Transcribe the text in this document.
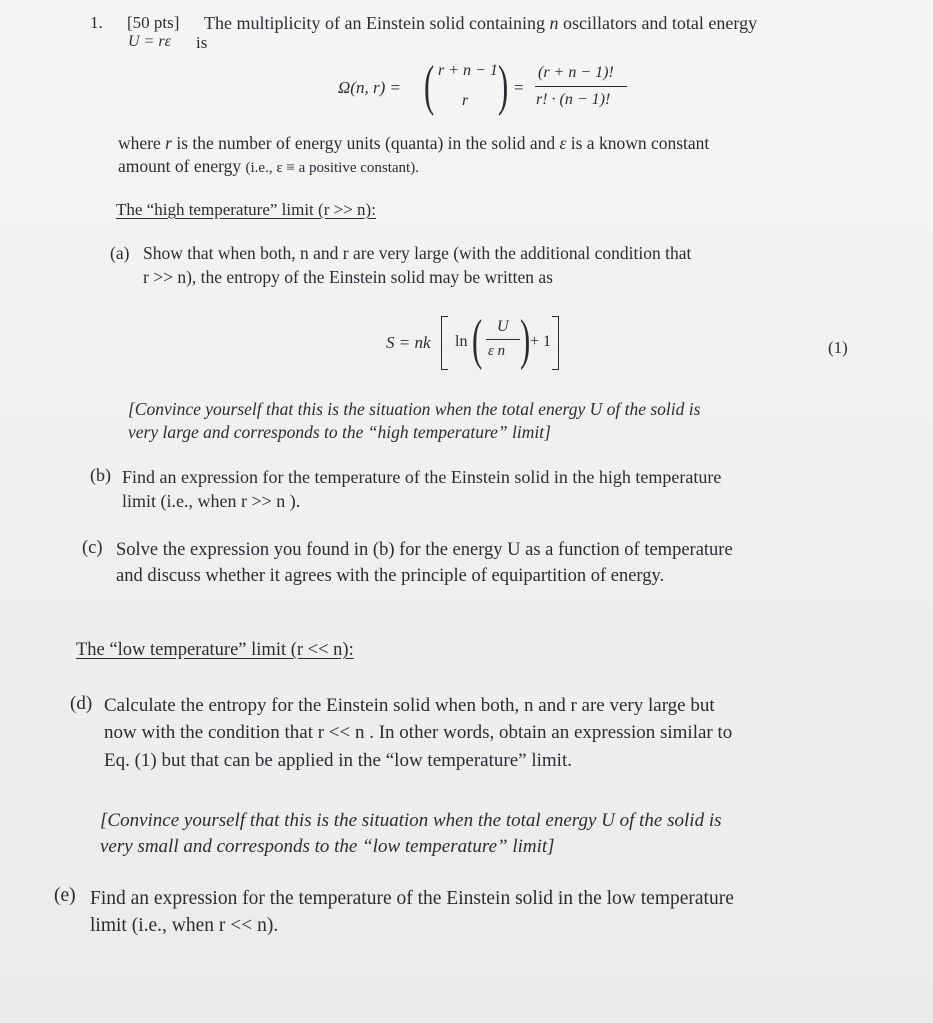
1. [50 pts] The multiplicity of an Einstein solid containing n oscillators and total energy
U = rε is
Ω(n, r) = ( r + n − 1
r ) =
(r + n − 1)!
r! · (n − 1)!
where r is the number of energy units (quanta) in the solid and ε is a known constant
amount of energy (i.e., ε ≡ a positive constant).
The “high temperature” limit (r >> n):
(a) Show that when both, n and r are very large (with the additional condition that
r >> n), the entropy of the Einstein solid may be written as
S = nk ln ( U
ε n ) + 1	(1)
[Convince yourself that this is the situation when the total energy U of the solid is
very large and corresponds to the “high temperature” limit]
(b) Find an expression for the temperature of the Einstein solid in the high temperature
limit (i.e., when r >> n ).
(c) Solve the expression you found in (b) for the energy U as a function of temperature
and discuss whether it agrees with the principle of equipartition of energy.
The “low temperature” limit (r << n):
(d) Calculate the entropy for the Einstein solid when both, n and r are very large but
now with the condition that r << n . In other words, obtain an expression similar to
Eq. (1) but that can be applied in the “low temperature” limit.
[Convince yourself that this is the situation when the total energy U of the solid is
very small and corresponds to the “low temperature” limit]
(e) Find an expression for the temperature of the Einstein solid in the low temperature
limit (i.e., when r << n).
